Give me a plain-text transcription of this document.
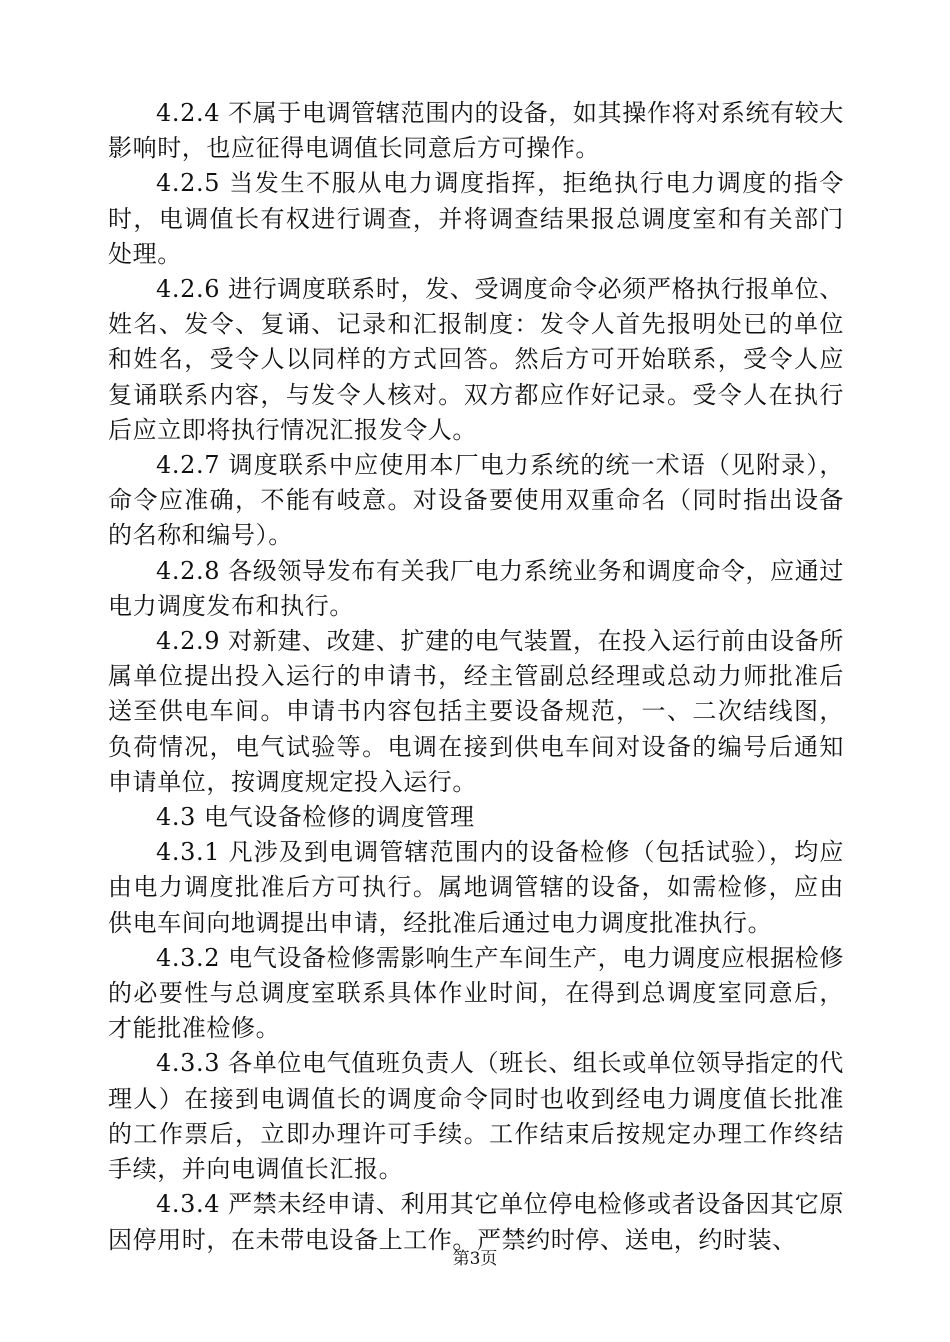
4.2.4 不属于电调管辖范围内的设备，如其操作将对系统有较大影响时，也应征得电调值长同意后方可操作。

4.2.5 当发生不服从电力调度指挥，拒绝执行电力调度的指令时，电调值长有权进行调查，并将调查结果报总调度室和有关部门处理。

4.2.6 进行调度联系时，发、受调度命令必须严格执行报单位、姓名、发令、复诵、记录和汇报制度：发令人首先报明处已的单位和姓名，受令人以同样的方式回答。然后方可开始联系，受令人应复诵联系内容，与发令人核对。双方都应作好记录。受令人在执行后应立即将执行情况汇报发令人。

4.2.7 调度联系中应使用本厂电力系统的统一术语（见附录），命令应准确，不能有岐意。对设备要使用双重命名（同时指出设备的名称和编号）。

4.2.8 各级领导发布有关我厂电力系统业务和调度命令，应通过电力调度发布和执行。

4.2.9 对新建、改建、扩建的电气装置，在投入运行前由设备所属单位提出投入运行的申请书，经主管副总经理或总动力师批准后送至供电车间。申请书内容包括主要设备规范，一、二次结线图，负荷情况，电气试验等。电调在接到供电车间对设备的编号后通知申请单位，按调度规定投入运行。

4.3 电气设备检修的调度管理

4.3.1 凡涉及到电调管辖范围内的设备检修（包括试验），均应由电力调度批准后方可执行。属地调管辖的设备，如需检修，应由供电车间向地调提出申请，经批准后通过电力调度批准执行。

4.3.2 电气设备检修需影响生产车间生产，电力调度应根据检修的必要性与总调度室联系具体作业时间，在得到总调度室同意后，才能批准检修。

4.3.3 各单位电气值班负责人（班长、组长或单位领导指定的代理人）在接到电调值长的调度命令同时也收到经电力调度值长批准的工作票后，立即办理许可手续。工作结束后按规定办理工作终结手续，并向电调值长汇报。

4.3.4 严禁未经申请、利用其它单位停电检修或者设备因其它原因停用时，在未带电设备上工作。严禁约时停、送电，约时装、

第3页
